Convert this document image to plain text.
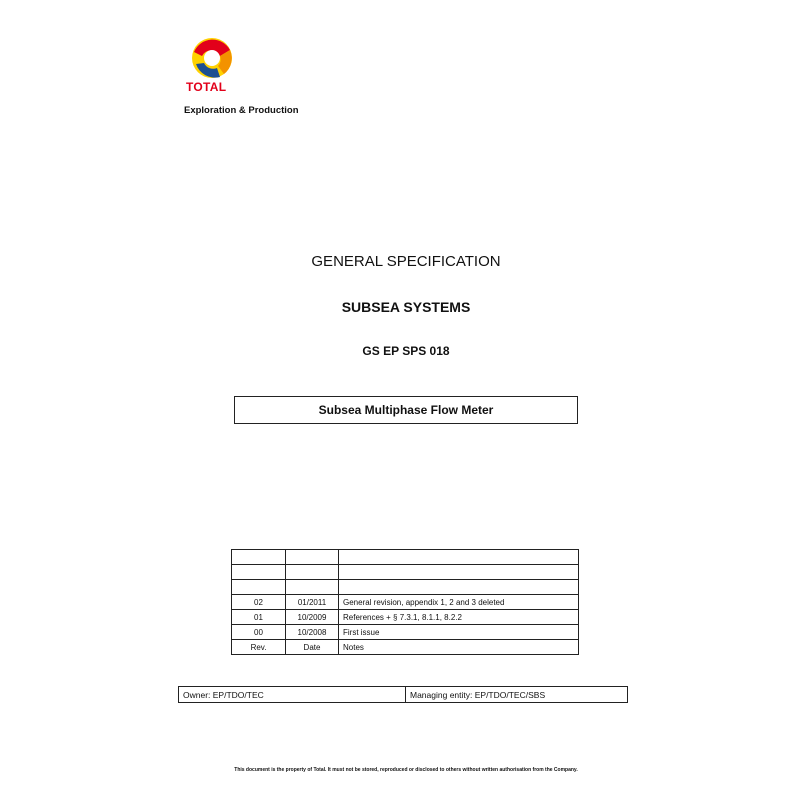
TOTAL
Exploration & Production
GENERAL SPECIFICATION
SUBSEA SYSTEMS
GS EP SPS 018
Subsea Multiphase Flow Meter

02	01/2011	General revision, appendix 1, 2 and 3 deleted
01	10/2009	References + § 7.3.1, 8.1.1, 8.2.2
00	10/2008	First issue
Rev.	Date	Notes
Owner: EP/TDO/TEC	Managing entity: EP/TDO/TEC/SBS
This document is the property of Total. It must not be stored, reproduced or disclosed to others without written authorisation from the Company.
